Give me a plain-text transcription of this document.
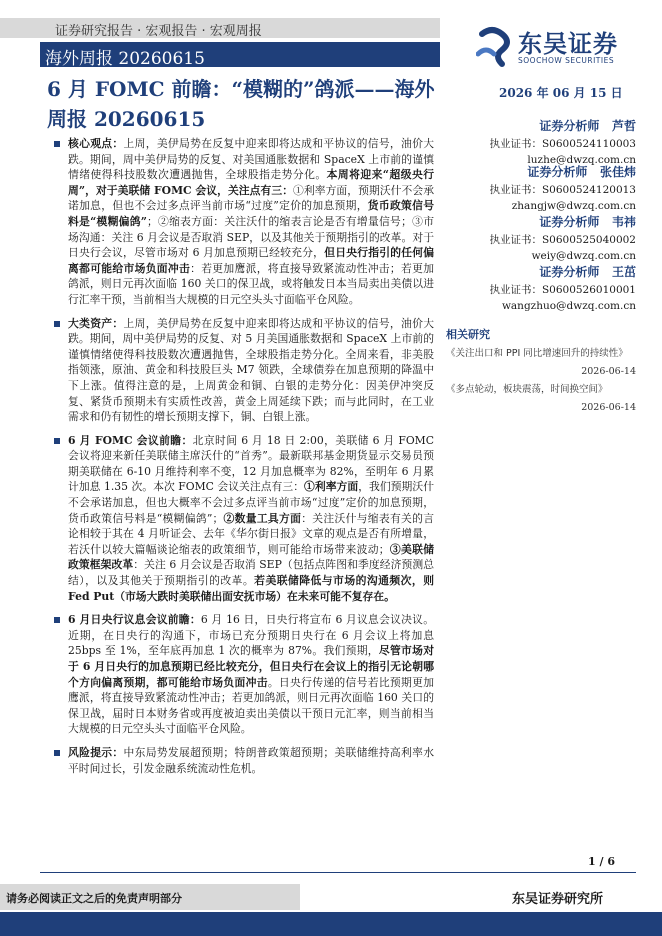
证券研究报告 · 宏观报告 · 宏观周报
海外周报 20260615
东吴证券
SOOCHOW SECURITIES
6 月 FOMC 前瞻：“模糊的”鸽派——海外周报 20260615
2026 年 06 月 15 日
证券分析师 芦哲
执业证书：S0600524110003
luzhe@dwzq.com.cn
证券分析师 张佳炜
执业证书：S0600524120013
zhangjw@dwzq.com.cn
证券分析师 韦祎
执业证书：S0600525040002
weiy@dwzq.com.cn
证券分析师 王茁
执业证书：S0600526010001
wangzhuo@dwzq.com.cn
相关研究
《关注出口和 PPI 同比增速回升的持续性》
2026-06-14
《多点轮动，板块震荡，时间换空间》
2026-06-14
核心观点：上周，美伊局势在反复中迎来即将达成和平协议的信号，油价大跌。期间，周中美伊局势的反复、对美国通胀数据和 SpaceX 上市前的谨慎情绪使得科技股数次遭遇抛售，全球股指走势分化。本周将迎来“超级央行周”，对于美联储 FOMC 会议，关注点有三：①利率方面，预期沃什不会承诺加息，但也不会过多点评当前市场“过度”定价的加息预期，货币政策信号料是“模糊偏鸽”；②缩表方面：关注沃什的缩表言论是否有增量信号；③市场沟通：关注 6 月会议是否取消 SEP，以及其他关于预期指引的改革。对于日央行会议，尽管市场对 6 月加息预期已经较充分，但日央行指引的任何偏离都可能给市场负面冲击：若更加鹰派，将直接导致紧流动性冲击；若更加鸽派，则日元再次面临 160 关口的保卫战，或将触发日本当局卖出美债以进行汇率干预，当前相当大规模的日元空头头寸面临平仓风险。
大类资产：上周，美伊局势在反复中迎来即将达成和平协议的信号，油价大跌。期间，周中美伊局势的反复、对 5 月美国通胀数据和 SpaceX 上市前的谨慎情绪使得科技股数次遭遇抛售，全球股指走势分化。全周来看，非美股指领涨，原油、黄金和科技股巨头 M7 领跌，全球债券在加息预期的降温中下上涨。值得注意的是，上周黄金和铜、白银的走势分化：因美伊冲突反复、紧货币预期未有实质性改善，黄金上周延续下跌；而与此同时，在工业需求和仍有韧性的增长预期支撑下，铜、白银上涨。
6 月 FOMC 会议前瞻：北京时间 6 月 18 日 2:00，美联储 6 月 FOMC 会议将迎来新任美联储主席沃什的“首秀”。最新联邦基金期货显示交易员预期美联储在 6-10 月维持利率不变，12 月加息概率为 82%，至明年 6 月累计加息 1.35 次。本次 FOMC 会议关注点有三：①利率方面，我们预期沃什不会承诺加息，但也大概率不会过多点评当前市场“过度”定价的加息预期，货币政策信号料是“模糊偏鸽”；②数量工具方面：关注沃什与缩表有关的言论相较于其在 4 月听证会、去年《华尔街日报》文章的观点是否有所增量，若沃什以较大篇幅谈论缩表的政策细节，则可能给市场带来波动；③美联储政策框架改革：关注 6 月会议是否取消 SEP（包括点阵图和季度经济预测总结），以及其他关于预期指引的改革。若美联储降低与市场的沟通频次，则 Fed Put（市场大跌时美联储出面安抚市场）在未来可能不复存在。
6 月日央行议息会议前瞻：6 月 16 日，日央行将宣布 6 月议息会议决议。近期，在日央行的沟通下，市场已充分预期日央行在 6 月会议上将加息 25bps 至 1%，至年底再加息 1 次的概率为 87%。我们预期，尽管市场对于 6 月日央行的加息预期已经比较充分，但日央行在会议上的指引无论朝哪个方向偏离预期，都可能给市场负面冲击。日央行传递的信号若比预期更加鹰派，将直接导致紧流动性冲击；若更加鸽派，则日元再次面临 160 关口的保卫战，届时日本财务省或再度被迫卖出美债以干预日元汇率，则当前相当大规模的日元空头头寸面临平仓风险。
风险提示：中东局势发展超预期；特朗普政策超预期；美联储维持高利率水平时间过长，引发金融系统流动性危机。
1 / 6
请务必阅读正文之后的免责声明部分	东吴证券研究所
